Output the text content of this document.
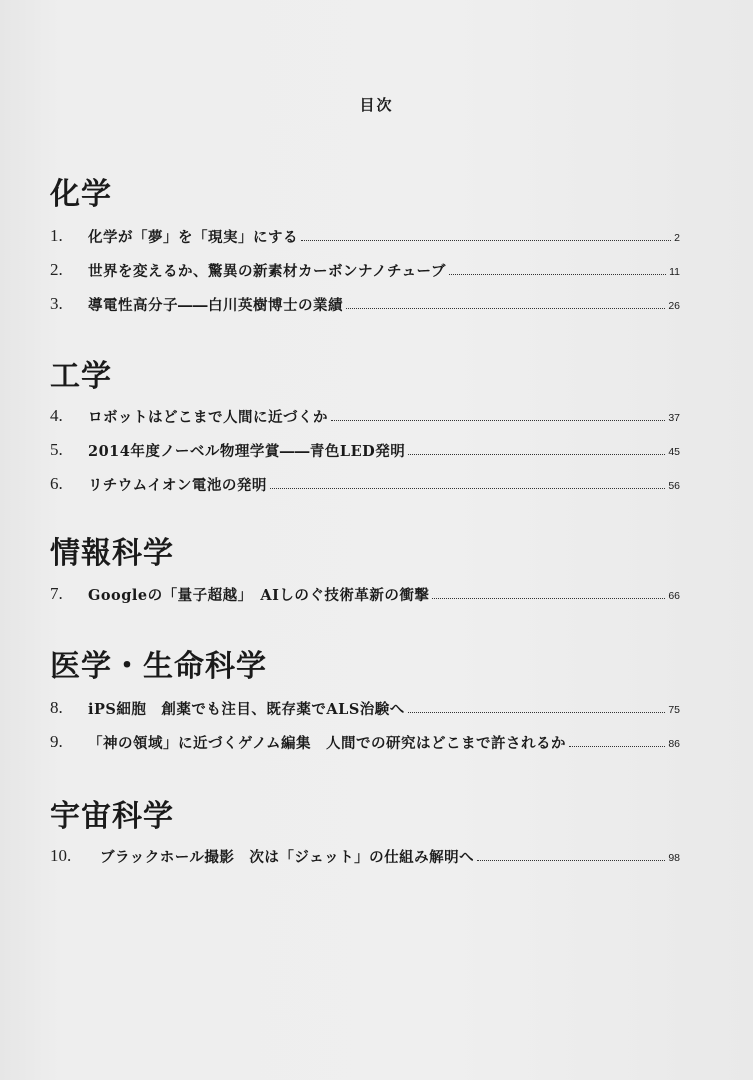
目次
化学
1.	化学が「夢」を「現実」にする	2
2.	世界を変えるか、驚異の新素材カーボンナノチューブ	11
3.	導電性高分子――白川英樹博士の業績	26
工学
4.	ロボットはどこまで人間に近づくか	37
5.	2014年度ノーベル物理学賞――青色LED発明	45
6.	リチウムイオン電池の発明	56
情報科学
7.	Googleの「量子超越」　AIしのぐ技術革新の衝撃	66
医学・生命科学
8.	iPS細胞　創薬でも注目、既存薬でALS治験へ	75
9.	「神の領域」に近づくゲノム編集　人間での研究はどこまで許されるか	86
宇宙科学
10.	ブラックホール撮影　次は「ジェット」の仕組み解明へ	98
